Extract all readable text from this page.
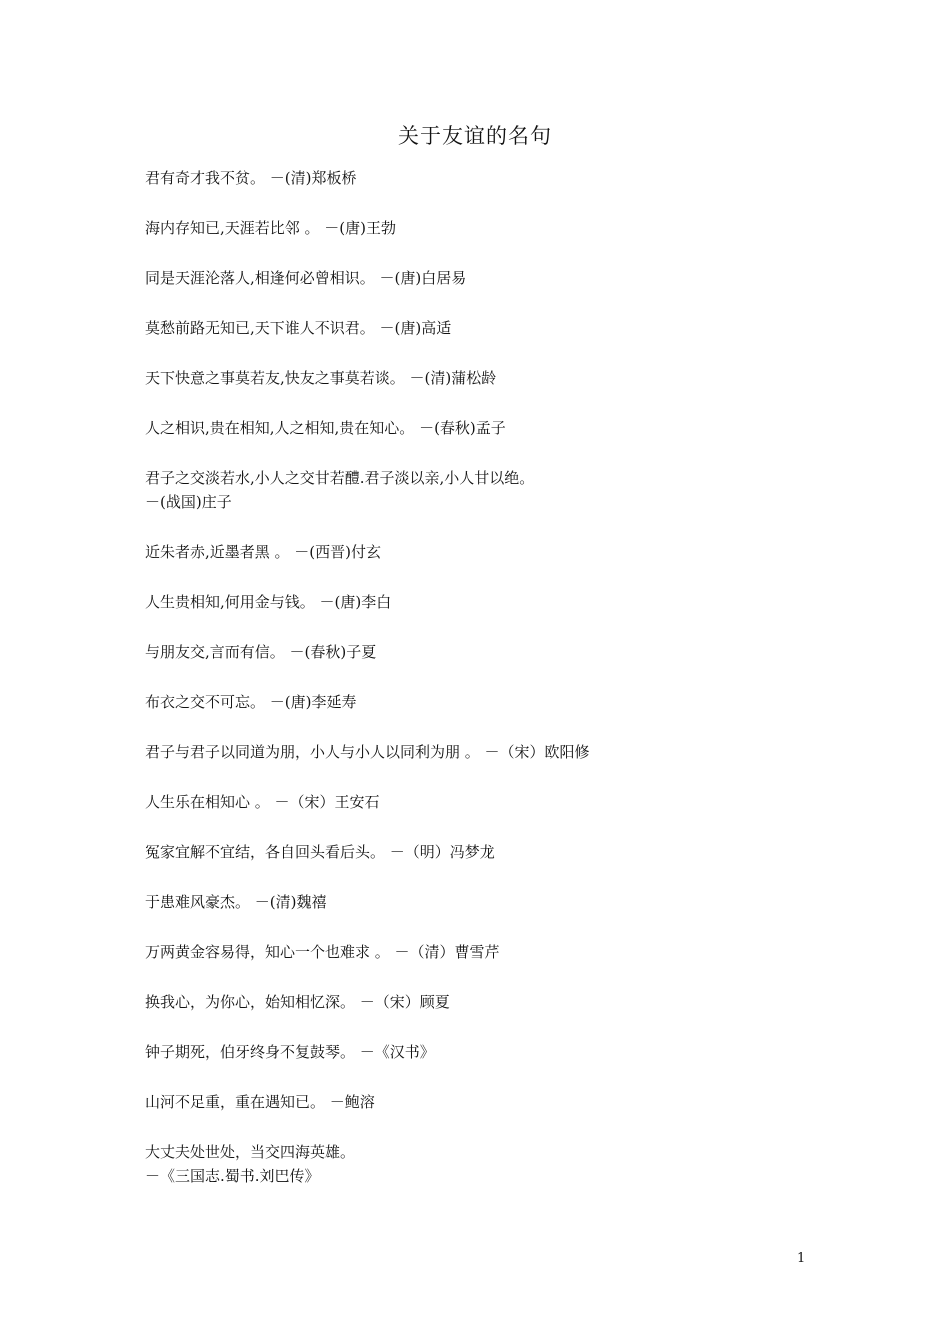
关于友谊的名句
君有奇才我不贫。 －(清)郑板桥
海内存知已,天涯若比邻 。 －(唐)王勃
同是天涯沦落人,相逢何必曾相识。 －(唐)白居易
莫愁前路无知已,天下谁人不识君。 －(唐)高适
天下快意之事莫若友,快友之事莫若谈。 －(清)蒲松龄
人之相识,贵在相知,人之相知,贵在知心。 －(春秋)孟子
君子之交淡若水,小人之交甘若醴.君子淡以亲,小人甘以绝。
－(战国)庄子
近朱者赤,近墨者黑 。 －(西晋)付玄
人生贵相知,何用金与钱。 －(唐)李白
与朋友交,言而有信。 －(春秋)子夏
布衣之交不可忘。 －(唐)李延寿
君子与君子以同道为朋，小人与小人以同利为朋 。 －（宋）欧阳修
人生乐在相知心 。 －（宋）王安石
冤家宜解不宜结，各自回头看后头。 －（明）冯梦龙
于患难风豪杰。 －(清)魏禧
万两黄金容易得，知心一个也难求 。 －（清）曹雪芹
换我心，为你心，始知相忆深。 －（宋）顾夏
钟子期死，伯牙终身不复鼓琴。 －《汉书》
山河不足重，重在遇知已。 －鲍溶
大丈夫处世处，当交四海英雄。
－《三国志.蜀书.刘巴传》
1
